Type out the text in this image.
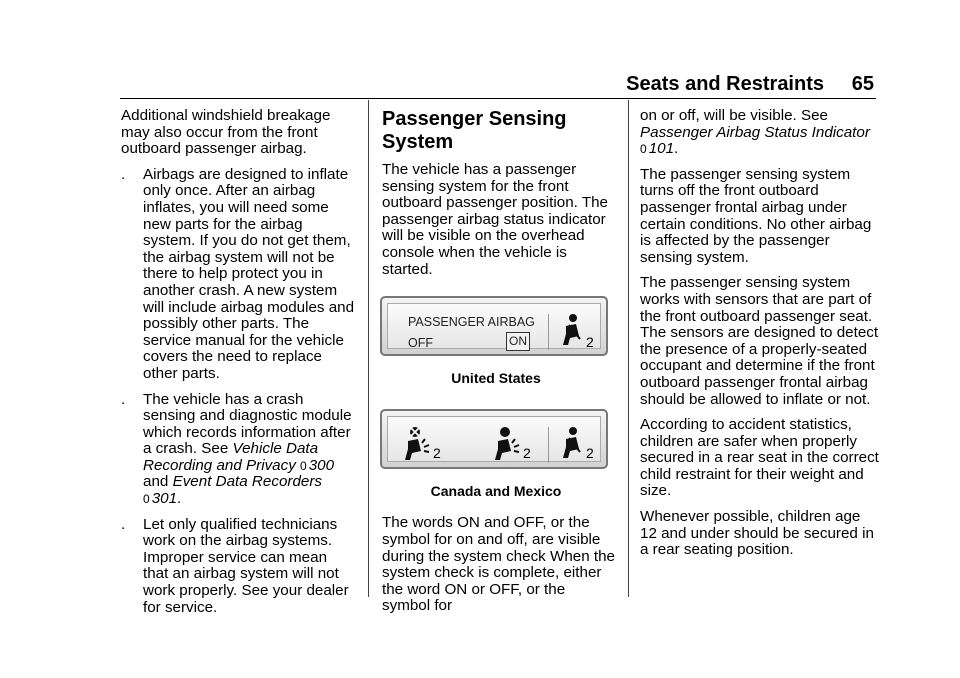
Seats and Restraints 65

Additional windshield breakage may also occur from the front outboard passenger airbag.

.	Airbags are designed to inflate only once. After an airbag inflates, you will need some new parts for the airbag system. If you do not get them, the airbag system will not be there to help protect you in another crash. A new system will include airbag modules and possibly other parts. The service manual for the vehicle covers the need to replace other parts.
.	The vehicle has a crash sensing and diagnostic module which records information after a crash. See Vehicle Data Recording and Privacy 0 300 and Event Data Recorders
0 301.
.	Let only qualified technicians work on the airbag systems. Improper service can mean that an airbag system will not work properly. See your dealer for service.
Passenger Sensing System

The vehicle has a passenger sensing system for the front outboard passenger position. The passenger airbag status indicator will be visible on the overhead console when the vehicle is started.

PASSENGER AIRBAG
OFF	ON	2
United States
2	2	2
Canada and Mexico

The words ON and OFF, or the symbol for on and off, are visible during the system check When the system check is complete, either the word ON or OFF, or the symbol for

on or off, will be visible. See
Passenger Airbag Status Indicator
0 101.

The passenger sensing system turns off the front outboard passenger frontal airbag under certain conditions. No other airbag is affected by the passenger sensing system.

The passenger sensing system works with sensors that are part of the front outboard passenger seat. The sensors are designed to detect the presence of a properly-seated occupant and determine if the front outboard passenger frontal airbag should be allowed to inflate or not.

According to accident statistics, children are safer when properly secured in a rear seat in the correct child restraint for their weight and size.

Whenever possible, children age 12 and under should be secured in a rear seating position.
